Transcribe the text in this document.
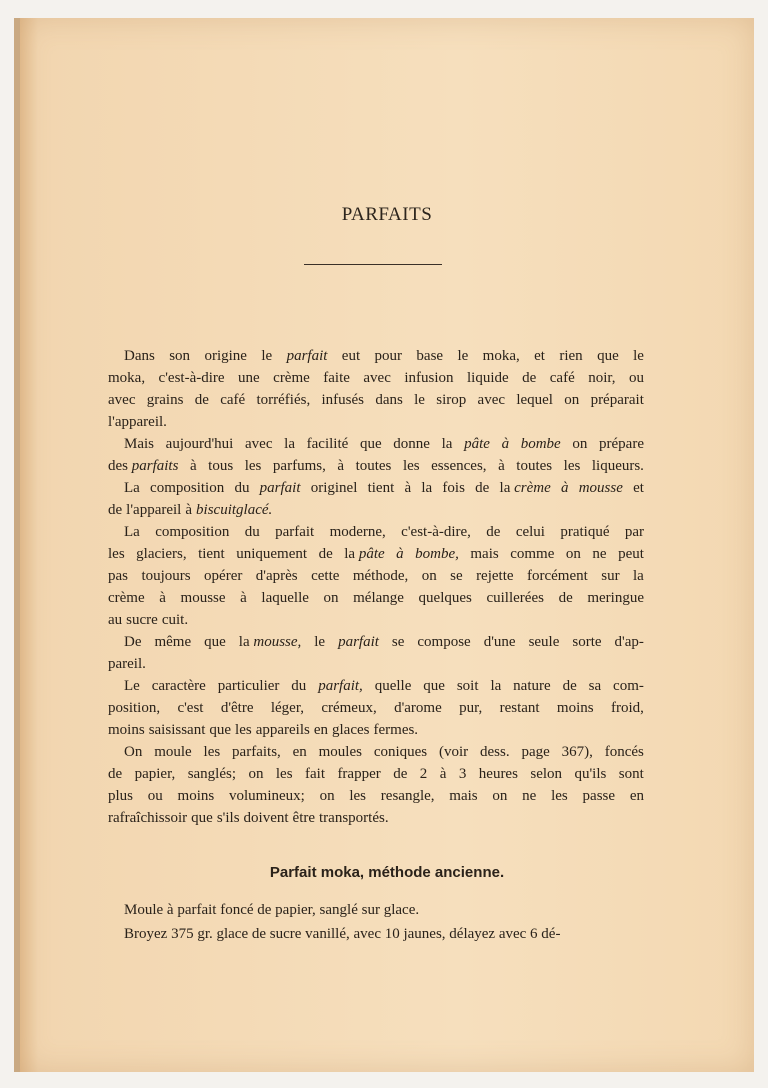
PARFAITS
Dans son origine le parfait eut pour base le moka, et rien que le
moka, c'est-à-dire une crème faite avec infusion liquide de café noir, ou
avec grains de café torréfiés, infusés dans le sirop avec lequel on préparait
l'appareil.
Mais aujourd'hui avec la facilité que donne la pâte à bombe on prépare
des parfaits à tous les parfums, à toutes les essences, à toutes les liqueurs.
La composition du parfait originel tient à la fois de la crème à mousse et
de l'appareil à biscuit glacé.
La composition du parfait moderne, c'est-à-dire, de celui pratiqué par
les glaciers, tient uniquement de la pâte à bombe, mais comme on ne peut
pas toujours opérer d'après cette méthode, on se rejette forcément sur la
crème à mousse à laquelle on mélange quelques cuillerées de meringue
au sucre cuit.
De même que la mousse, le parfait se compose d'une seule sorte d'ap-
pareil.
Le caractère particulier du parfait, quelle que soit la nature de sa com-
position, c'est d'être léger, crémeux, d'arome pur, restant moins froid,
moins saisissant que les appareils en glaces fermes.
On moule les parfaits, en moules coniques (voir dess. page 367), foncés
de papier, sanglés; on les fait frapper de 2 à 3 heures selon qu'ils sont
plus ou moins volumineux; on les resangle, mais on ne les passe en
rafraîchissoir que s'ils doivent être transportés.
Parfait moka, méthode ancienne.
Moule à parfait foncé de papier, sanglé sur glace.
Broyez 375 gr. glace de sucre vanillé, avec 10 jaunes, délayez avec 6 dé-
